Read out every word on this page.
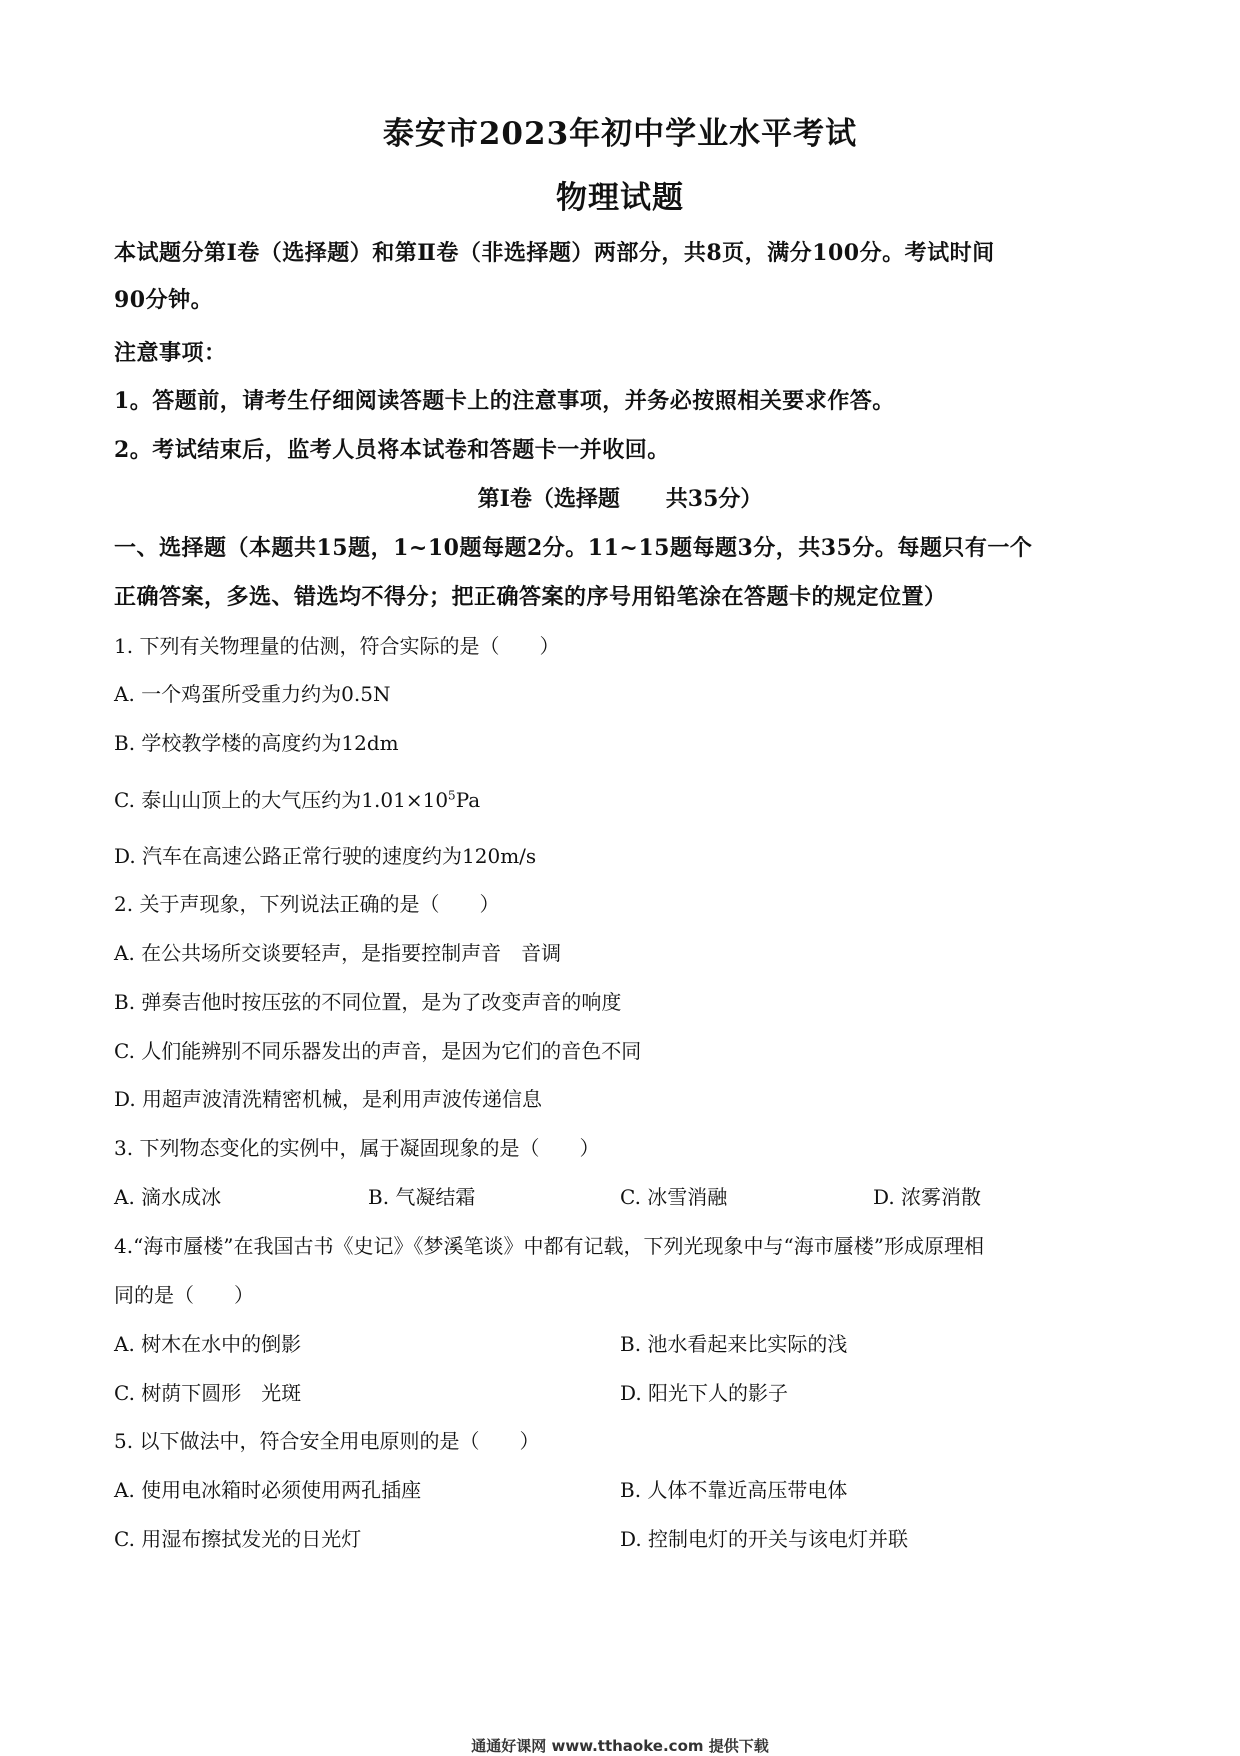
泰安市2023年初中学业水平考试
物理试题
本试题分第Ⅰ卷（选择题）和第Ⅱ卷（非选择题）两部分，共8页，满分100分。考试时间
90分钟。
注意事项：
1。答题前，请考生仔细阅读答题卡上的注意事项，并务必按照相关要求作答。
2。考试结束后，监考人员将本试卷和答题卡一并收回。
第Ⅰ卷（选择题      共35分）
一、选择题（本题共15题，1~10题每题2分。11~15题每题3分，共35分。每题只有一个
正确答案，多选、错选均不得分；把正确答案的序号用铅笔涂在答题卡的规定位置）
1. 下列有关物理量的估测，符合实际的是（　　）
A. 一个鸡蛋所受重力约为0.5N
B. 学校教学楼的高度约为12dm
C. 泰山山顶上的大气压约为$1.01\times 10^5Pa$
D. 汽车在高速公路正常行驶的速度约为120m/s
2. 关于声现象，下列说法正确的是（　　）
A. 在公共场所交谈要轻声，是指要控制声音　音调
B. 弹奏吉他时按压弦的不同位置，是为了改变声音的响度
C. 人们能辨别不同乐器发出的声音，是因为它们的音色不同
D. 用超声波清洗精密机械，是利用声波传递信息
3. 下列物态变化的实例中，属于凝固现象的是（　　）
A. 滴水成冰	B. 气凝结霜	C. 冰雪消融	D. 浓雾消散
4.“海市蜃楼”在我国古书《史记》《梦溪笔谈》中都有记载，下列光现象中与“海市蜃楼”形成原理相
同的是（　　）
A. 树木在水中的倒影	B. 池水看起来比实际的浅
C. 树荫下圆形　光斑	D. 阳光下人的影子
5. 以下做法中，符合安全用电原则的是（　　）
A. 使用电冰箱时必须使用两孔插座	B. 人体不靠近高压带电体
C. 用湿布擦拭发光的日光灯	D. 控制电灯的开关与该电灯并联
通通好课网 www.tthaoke.com 提供下载
